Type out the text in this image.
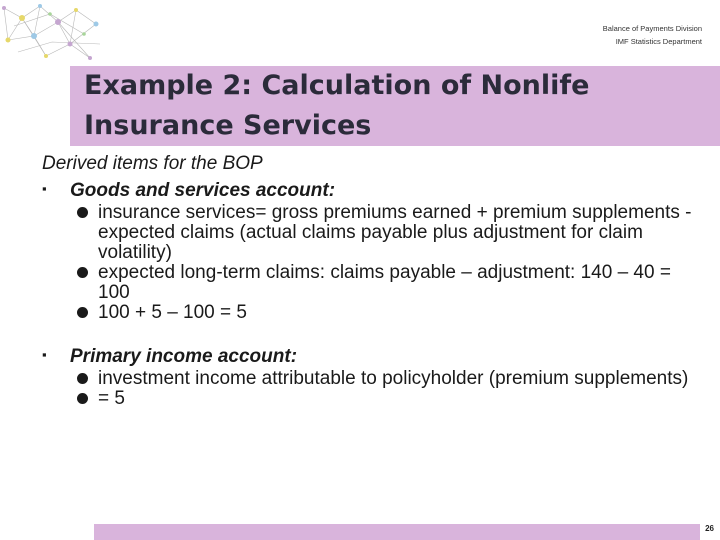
Balance of Payments Division
IMF Statistics Department
Example 2: Calculation of Nonlife
Insurance Services

Derived items for the BOP

▪ Goods and services account:
insurance services= gross premiums earned + premium supplements - expected claims (actual claims payable plus adjustment for claim volatility)
expected long-term claims: claims payable – adjustment: 140 – 40 = 100
100 + 5 – 100 = 5
▪ Primary income account:
investment income attributable to policyholder (premium supplements)
= 5
26
